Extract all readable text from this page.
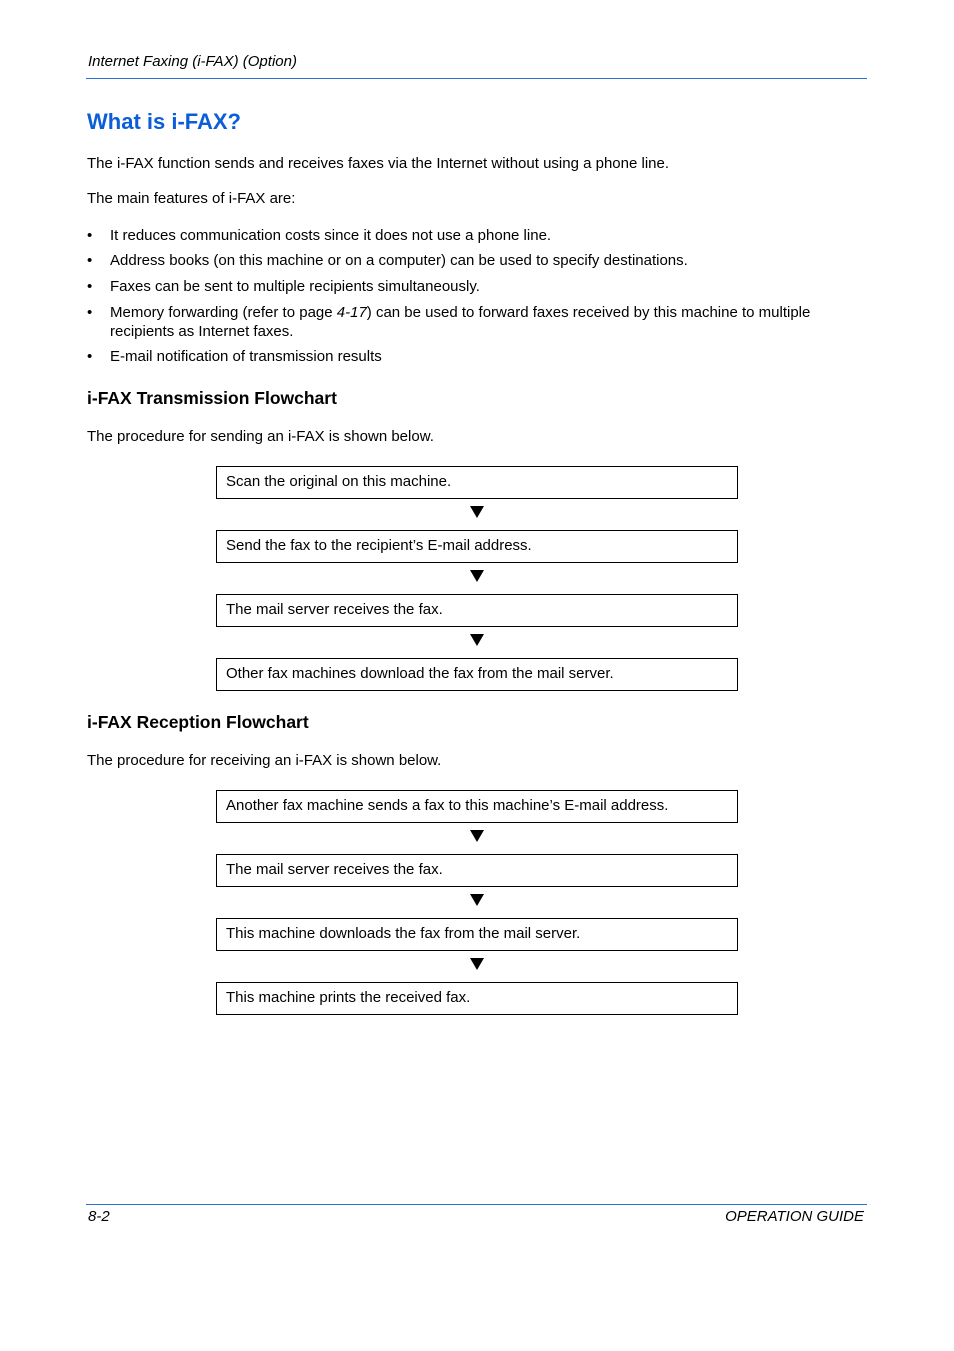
Internet Faxing (i-FAX) (Option)
What is i-FAX?
The i-FAX function sends and receives faxes via the Internet without using a phone line.
The main features of i-FAX are:
• It reduces communication costs since it does not use a phone line.
• Address books (on this machine or on a computer) can be used to specify destinations.
• Faxes can be sent to multiple recipients simultaneously.
• Memory forwarding (refer to page 4-17) can be used to forward faxes received by this machine to multiple recipients as Internet faxes.
• E-mail notification of transmission results
i-FAX Transmission Flowchart
The procedure for sending an i-FAX is shown below.
Scan the original on this machine.
Send the fax to the recipient’s E-mail address.
The mail server receives the fax.
Other fax machines download the fax from the mail server.
i-FAX Reception Flowchart
The procedure for receiving an i-FAX is shown below.
Another fax machine sends a fax to this machine’s E-mail address.
The mail server receives the fax.
This machine downloads the fax from the mail server.
This machine prints the received fax.
8-2	OPERATION GUIDE
